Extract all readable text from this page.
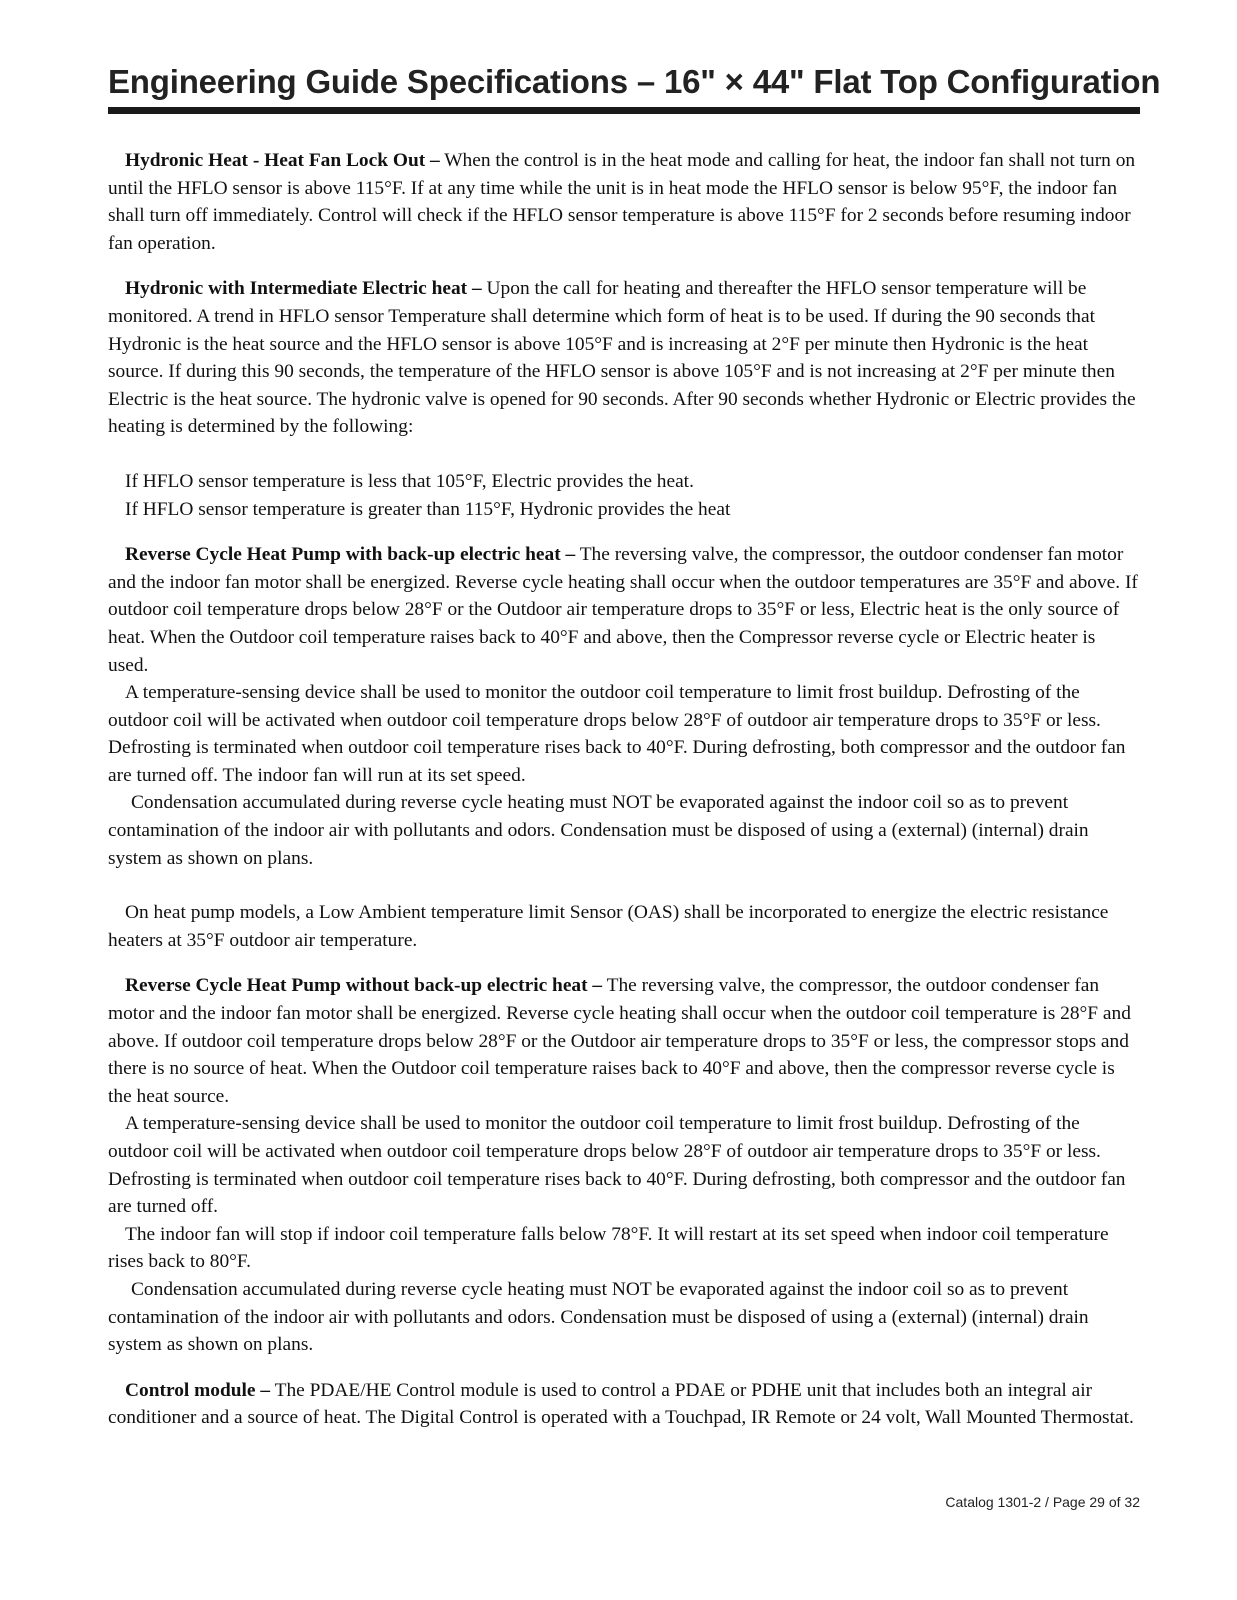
Engineering Guide Specifications – 16" × 44" Flat Top Configuration

Hydronic Heat - Heat Fan Lock Out – When the control is in the heat mode and calling for heat, the indoor fan shall not turn on until the HFLO sensor is above 115°F. If at any time while the unit is in heat mode the HFLO sensor is below 95°F, the indoor fan shall turn off immediately. Control will check if the HFLO sensor temperature is above 115°F for 2 seconds before resuming indoor fan operation.

Hydronic with Intermediate Electric heat – Upon the call for heating and thereafter the HFLO sensor temperature will be monitored. A trend in HFLO sensor Temperature shall determine which form of heat is to be used. If during the 90 seconds that Hydronic is the heat source and the HFLO sensor is above 105°F and is increasing at 2°F per minute then Hydronic is the heat source. If during this 90 seconds, the temperature of the HFLO sensor is above 105°F and is not increasing at 2°F per minute then Electric is the heat source. The hydronic valve is opened for 90 seconds. After 90 seconds whether Hydronic or Electric provides the heating is determined by the following:

If HFLO sensor temperature is less that 105°F, Electric provides the heat.

If HFLO sensor temperature is greater than 115°F, Hydronic provides the heat

Reverse Cycle Heat Pump with back-up electric heat – The reversing valve, the compressor, the outdoor condenser fan motor and the indoor fan motor shall be energized. Reverse cycle heating shall occur when the outdoor temperatures are 35°F and above. If outdoor coil temperature drops below 28°F or the Outdoor air temperature drops to 35°F or less, Electric heat is the only source of heat. When the Outdoor coil temperature raises back to 40°F and above, then the Compressor reverse cycle or Electric heater is used.

A temperature-sensing device shall be used to monitor the outdoor coil temperature to limit frost buildup. Defrosting of the outdoor coil will be activated when outdoor coil temperature drops below 28°F of outdoor air temperature drops to 35°F or less. Defrosting is terminated when outdoor coil temperature rises back to 40°F. During defrosting, both compressor and the outdoor fan are turned off. The indoor fan will run at its set speed.

Condensation accumulated during reverse cycle heating must NOT be evaporated against the indoor coil so as to prevent contamination of the indoor air with pollutants and odors. Condensation must be disposed of using a (external) (internal) drain system as shown on plans.

On heat pump models, a Low Ambient temperature limit Sensor (OAS) shall be incorporated to energize the electric resistance heaters at 35°F outdoor air temperature.

Reverse Cycle Heat Pump without back-up electric heat – The reversing valve, the compressor, the outdoor condenser fan motor and the indoor fan motor shall be energized. Reverse cycle heating shall occur when the outdoor coil temperature is 28°F and above. If outdoor coil temperature drops below 28°F or the Outdoor air temperature drops to 35°F or less, the compressor stops and there is no source of heat. When the Outdoor coil temperature raises back to 40°F and above, then the compressor reverse cycle is the heat source.

A temperature-sensing device shall be used to monitor the outdoor coil temperature to limit frost buildup. Defrosting of the outdoor coil will be activated when outdoor coil temperature drops below 28°F of outdoor air temperature drops to 35°F or less. Defrosting is terminated when outdoor coil temperature rises back to 40°F. During defrosting, both compressor and the outdoor fan are turned off.

The indoor fan will stop if indoor coil temperature falls below 78°F. It will restart at its set speed when indoor coil temperature rises back to 80°F.

Condensation accumulated during reverse cycle heating must NOT be evaporated against the indoor coil so as to prevent contamination of the indoor air with pollutants and odors. Condensation must be disposed of using a (external) (internal) drain system as shown on plans.

Control module – The PDAE/HE Control module is used to control a PDAE or PDHE unit that includes both an integral air conditioner and a source of heat. The Digital Control is operated with a Touchpad, IR Remote or 24 volt, Wall Mounted Thermostat.

Catalog 1301-2 / Page 29 of 32
